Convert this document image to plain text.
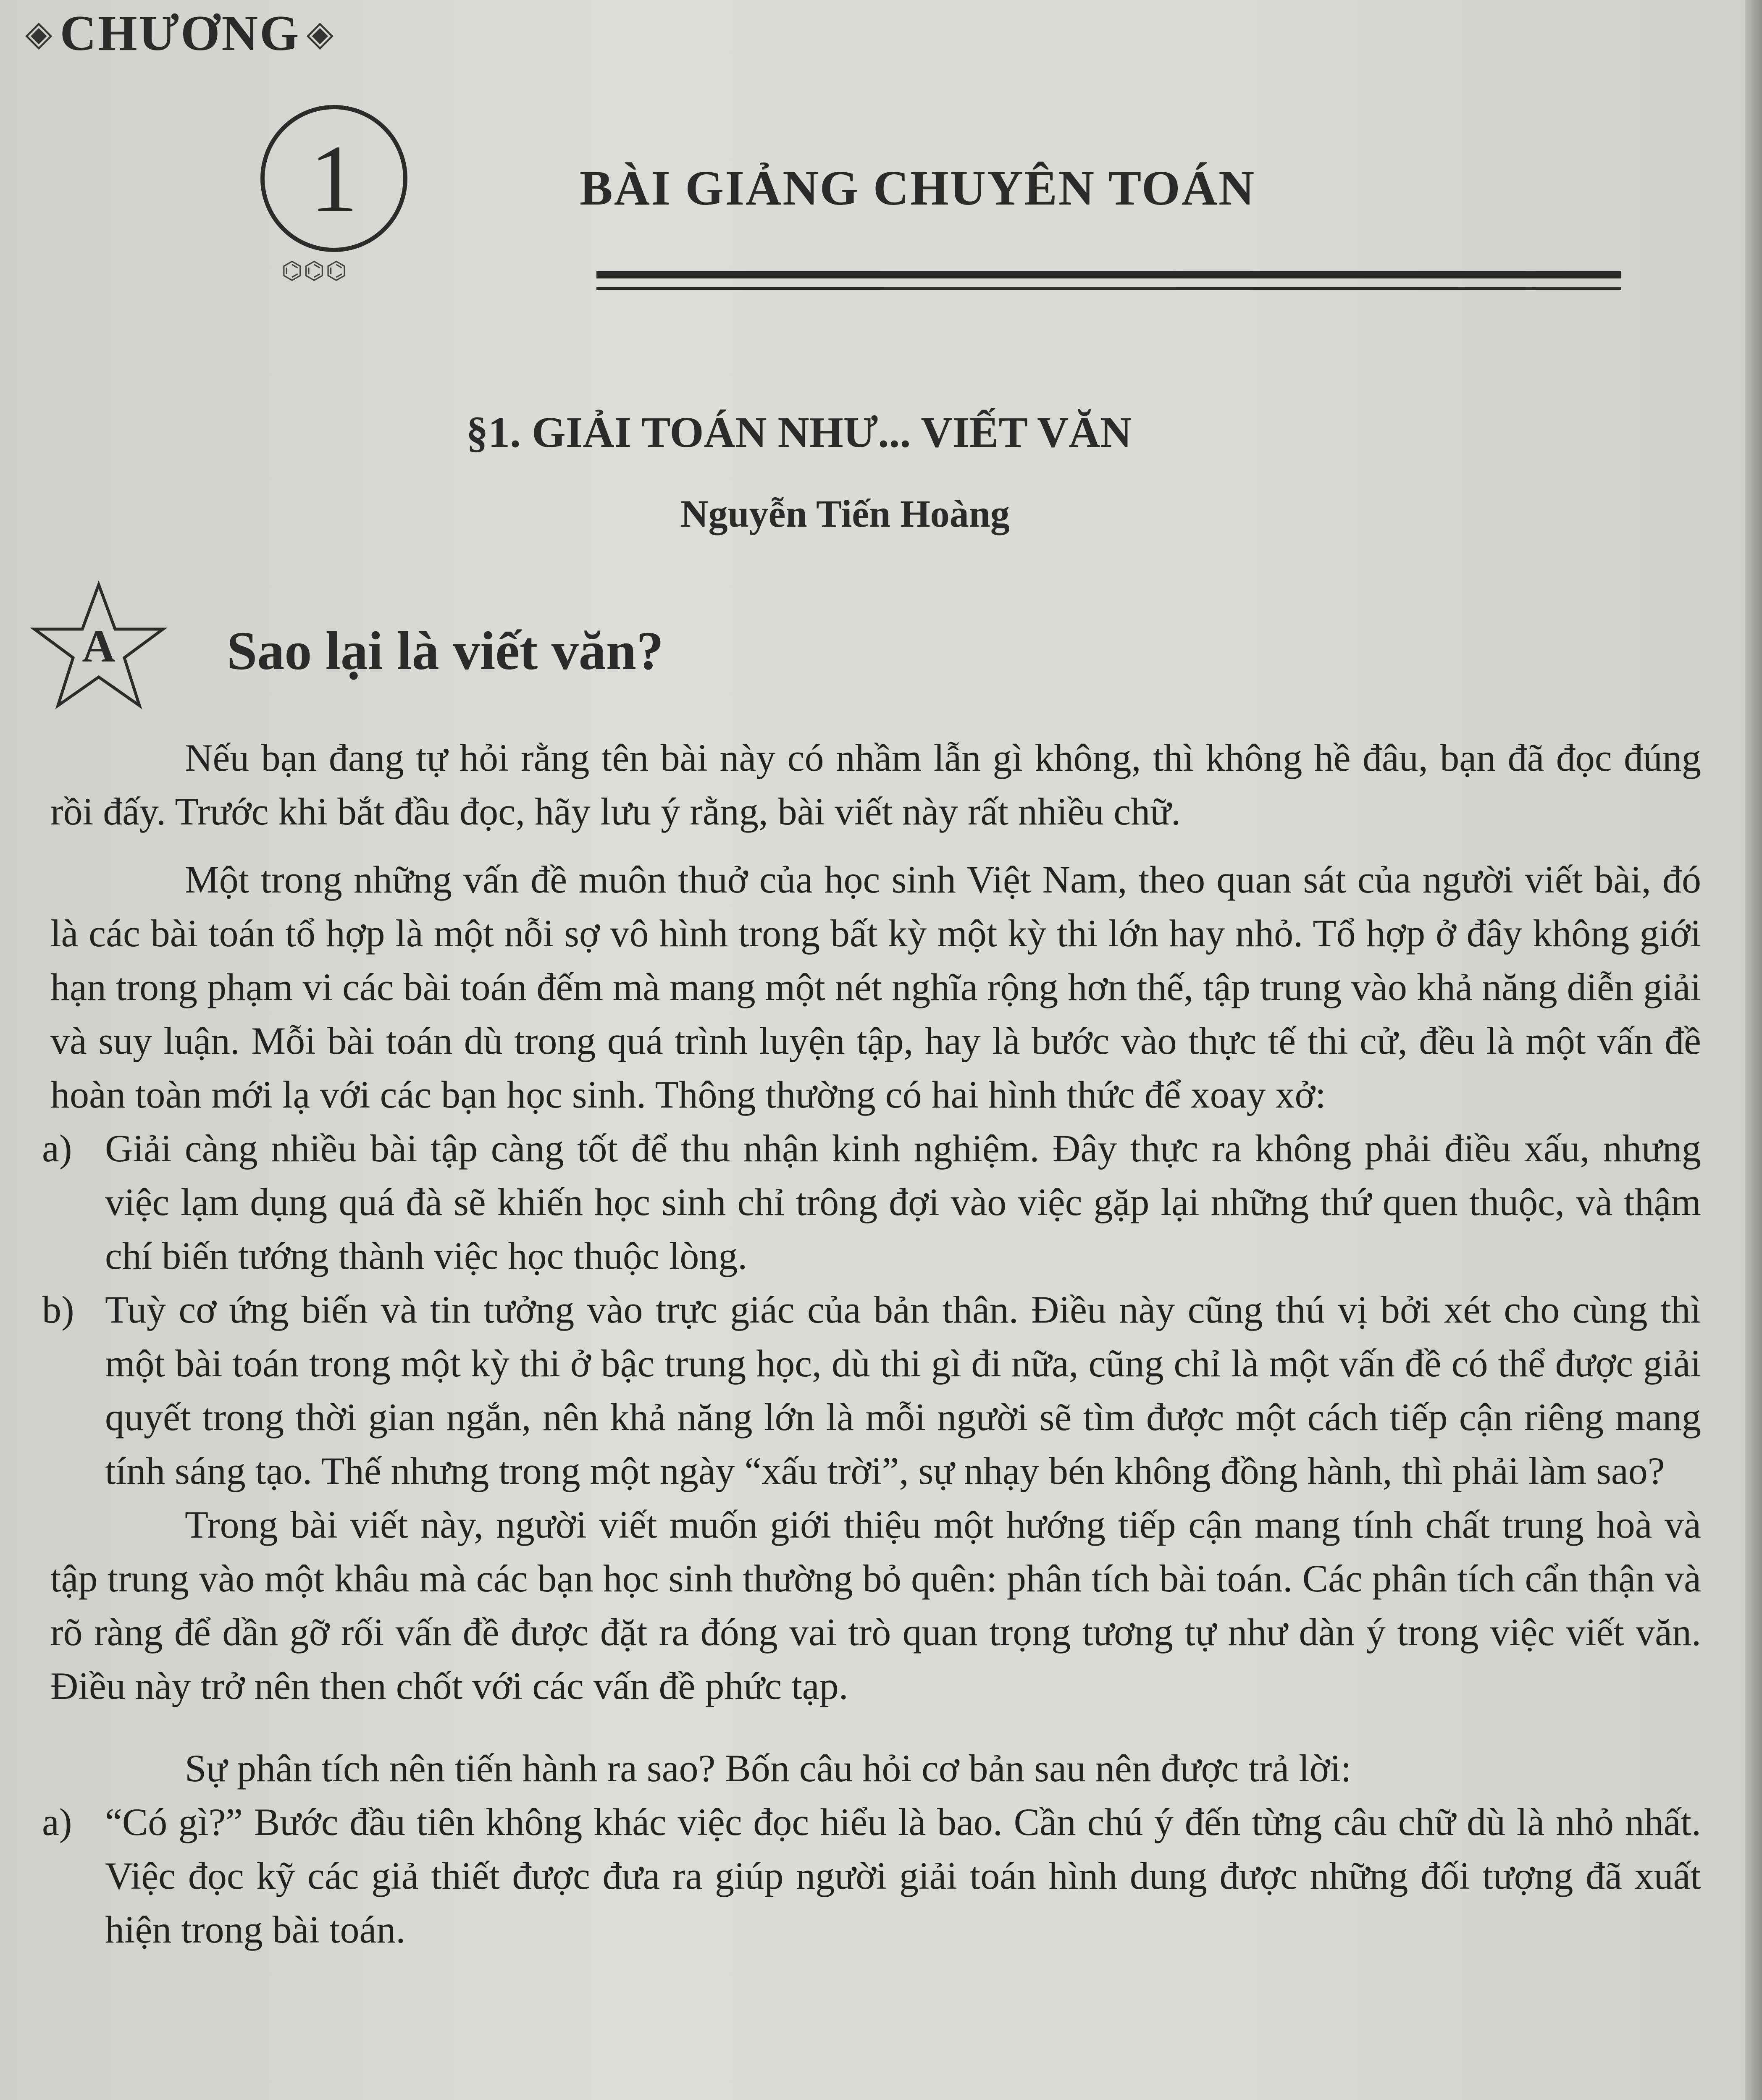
◈ CHƯƠNG ◈
1
⌬⌬⌬
BÀI GIẢNG CHUYÊN TOÁN
§1. GIẢI TOÁN NHƯ... VIẾT VĂN
Nguyễn Tiến Hoàng
A	Sao lại là viết văn?

Nếu bạn đang tự hỏi rằng tên bài này có nhầm lẫn gì không, thì không hề đâu, bạn đã đọc đúng rồi đấy. Trước khi bắt đầu đọc, hãy lưu ý rằng, bài viết này rất nhiều chữ.

Một trong những vấn đề muôn thuở của học sinh Việt Nam, theo quan sát của người viết bài, đó là các bài toán tổ hợp là một nỗi sợ vô hình trong bất kỳ một kỳ thi lớn hay nhỏ. Tổ hợp ở đây không giới hạn trong phạm vi các bài toán đếm mà mang một nét nghĩa rộng hơn thế, tập trung vào khả năng diễn giải và suy luận. Mỗi bài toán dù trong quá trình luyện tập, hay là bước vào thực tế thi cử, đều là một vấn đề hoàn toàn mới lạ với các bạn học sinh. Thông thường có hai hình thức để xoay xở:

a) Giải càng nhiều bài tập càng tốt để thu nhận kinh nghiệm. Đây thực ra không phải điều xấu, nhưng việc lạm dụng quá đà sẽ khiến học sinh chỉ trông đợi vào việc gặp lại những thứ quen thuộc, và thậm chí biến tướng thành việc học thuộc lòng.

b) Tuỳ cơ ứng biến và tin tưởng vào trực giác của bản thân. Điều này cũng thú vị bởi xét cho cùng thì một bài toán trong một kỳ thi ở bậc trung học, dù thi gì đi nữa, cũng chỉ là một vấn đề có thể được giải quyết trong thời gian ngắn, nên khả năng lớn là mỗi người sẽ tìm được một cách tiếp cận riêng mang tính sáng tạo. Thế nhưng trong một ngày “xấu trời”, sự nhạy bén không đồng hành, thì phải làm sao?

Trong bài viết này, người viết muốn giới thiệu một hướng tiếp cận mang tính chất trung hoà và tập trung vào một khâu mà các bạn học sinh thường bỏ quên: phân tích bài toán. Các phân tích cẩn thận và rõ ràng để dần gỡ rối vấn đề được đặt ra đóng vai trò quan trọng tương tự như dàn ý trong việc viết văn. Điều này trở nên then chốt với các vấn đề phức tạp.

Sự phân tích nên tiến hành ra sao? Bốn câu hỏi cơ bản sau nên được trả lời:

a) “Có gì?” Bước đầu tiên không khác việc đọc hiểu là bao. Cần chú ý đến từng câu chữ dù là nhỏ nhất. Việc đọc kỹ các giả thiết được đưa ra giúp người giải toán hình dung được những đối tượng đã xuất hiện trong bài toán.
